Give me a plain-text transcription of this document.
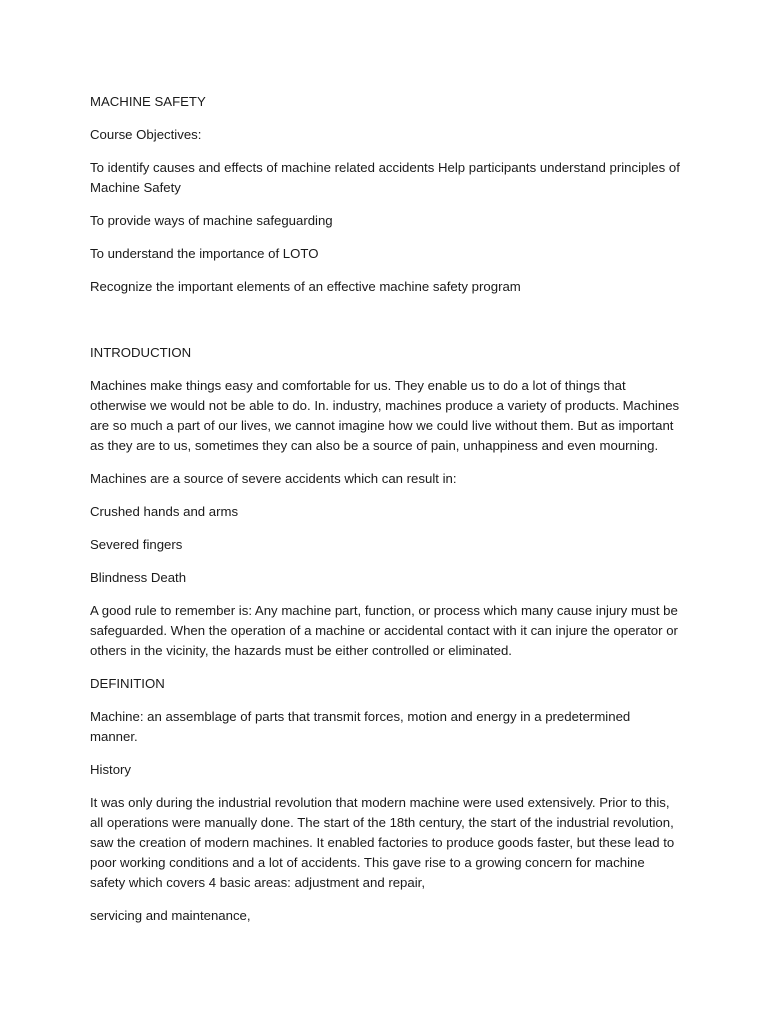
MACHINE SAFETY

Course Objectives:

To identify causes and effects of machine related accidents Help participants understand principles of Machine Safety

To provide ways of machine safeguarding

To understand the importance of LOTO

Recognize the important elements of an effective machine safety program

INTRODUCTION

Machines make things easy and comfortable for us. They enable us to do a lot of things that otherwise we would not be able to do. In. industry, machines produce a variety of products. Machines are so much a part of our lives, we cannot imagine how we could live without them. But as important as they are to us, sometimes they can also be a source of pain, unhappiness and even mourning.

Machines are a source of severe accidents which can result in:

Crushed hands and arms

Severed fingers

Blindness Death

A good rule to remember is: Any machine part, function, or process which many cause injury must be safeguarded. When the operation of a machine or accidental contact with it can injure the operator or others in the vicinity, the hazards must be either controlled or eliminated.

DEFINITION

Machine: an assemblage of parts that transmit forces, motion and energy in a predetermined manner.

History

It was only during the industrial revolution that modern machine were used extensively. Prior to this, all operations were manually done. The start of the 18th century, the start of the industrial revolution, saw the creation of modern machines. It enabled factories to produce goods faster, but these lead to poor working conditions and a lot of accidents. This gave rise to a growing concern for machine safety which covers 4 basic areas: adjustment and repair,

servicing and maintenance,
